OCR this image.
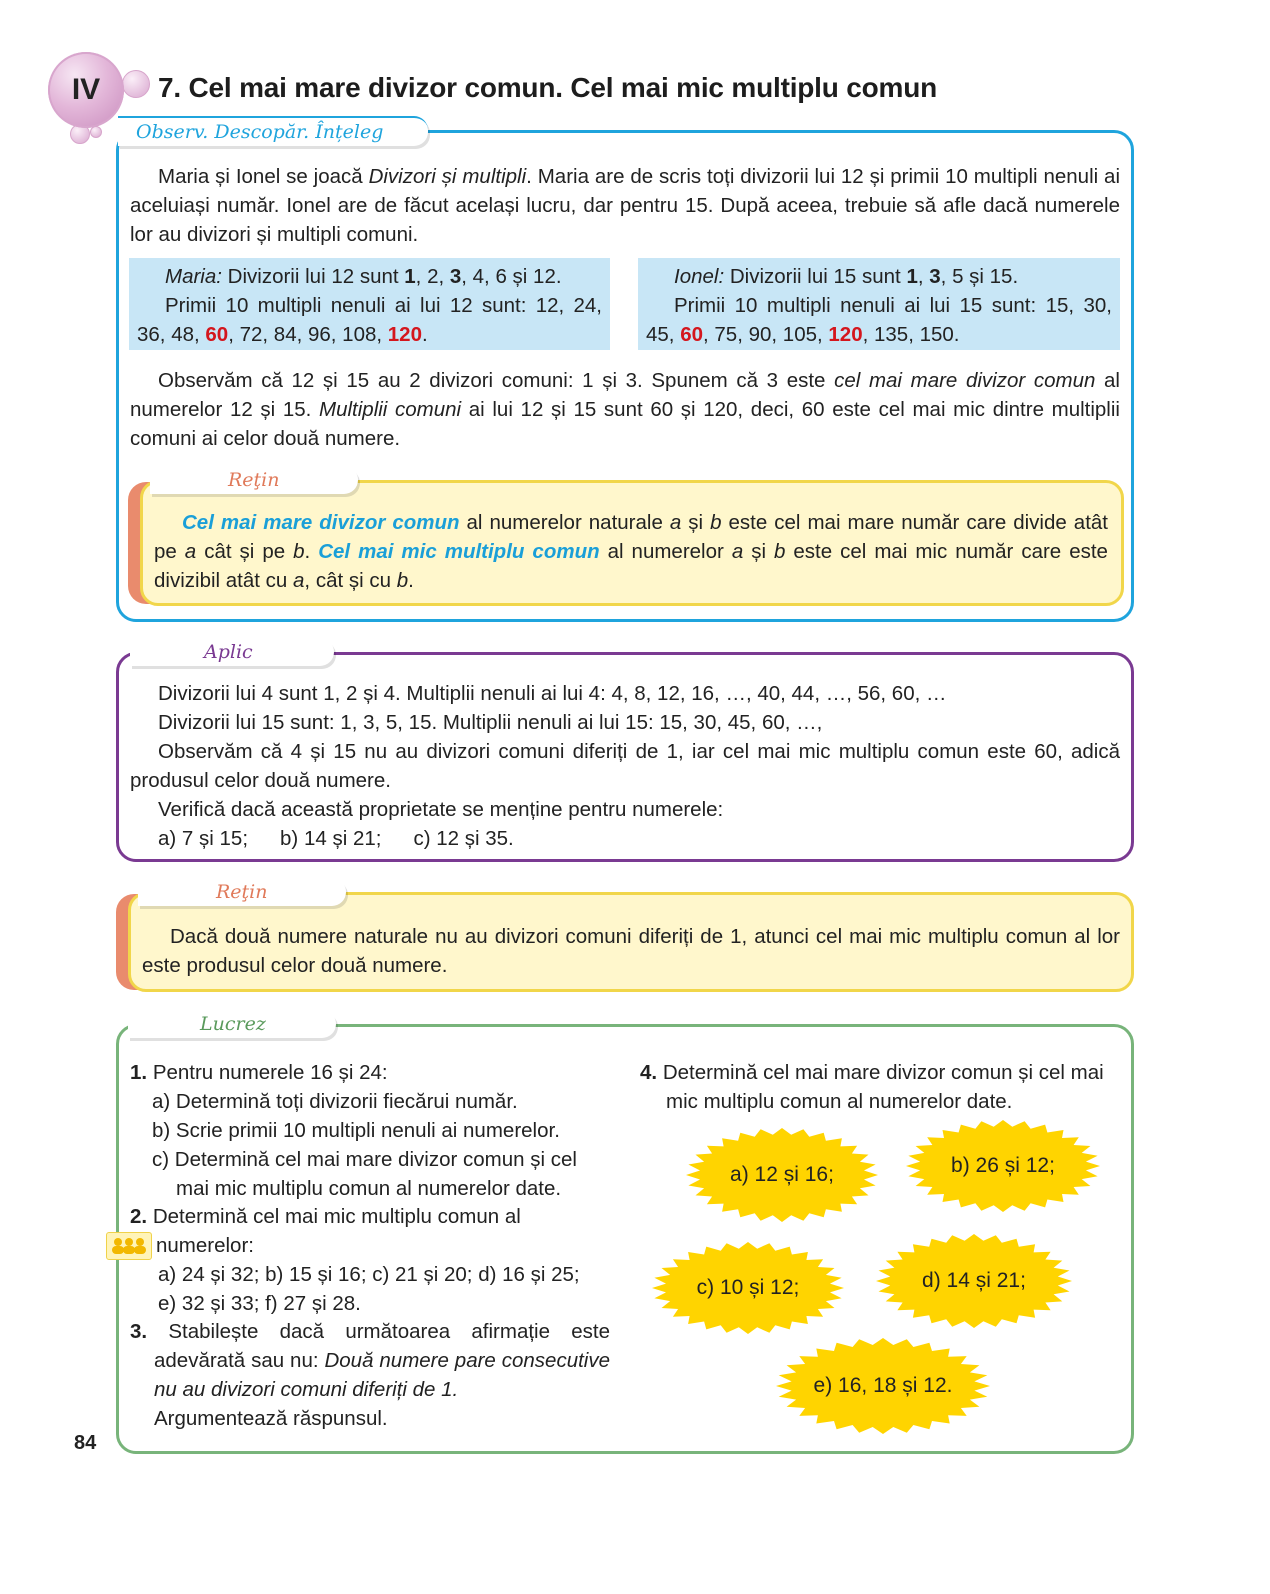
IV 7. Cel mai mare divizor comun. Cel mai mic multiplu comun
Observ. Descopăr. Înțeleg

Maria și Ionel se joacă Divizori și multipli. Maria are de scris toți divizorii lui 12 și primii 10 multipli nenuli ai aceluiași număr. Ionel are de făcut același lucru, dar pentru 15. După aceea, trebuie să afle dacă numerele lor au divizori și multipli comuni.

Maria: Divizorii lui 12 sunt 1, 2, 3, 4, 6 și 12.

Primii 10 multipli nenuli ai lui 12 sunt: 12, 24, 36, 48, 60, 72, 84, 96, 108, 120.

Ionel: Divizorii lui 15 sunt 1, 3, 5 și 15.

Primii 10 multipli nenuli ai lui 15 sunt: 15, 30, 45, 60, 75, 90, 105, 120, 135, 150.

Observăm că 12 și 15 au 2 divizori comuni: 1 și 3. Spunem că 3 este cel mai mare divizor comun al numerelor 12 și 15. Multiplii comuni ai lui 12 și 15 sunt 60 și 120, deci, 60 este cel mai mic dintre multiplii comuni ai celor două numere.

Reţin

Cel mai mare divizor comun al numerelor naturale a și b este cel mai mare număr care divide atât pe a cât și pe b. Cel mai mic multiplu comun al numerelor a și b este cel mai mic număr care este divizibil atât cu a, cât și cu b.

Aplic

Divizorii lui 4 sunt 1, 2 și 4. Multiplii nenuli ai lui 4: 4, 8, 12, 16, …, 40, 44, …, 56, 60, …

Divizorii lui 15 sunt: 1, 3, 5, 15. Multiplii nenuli ai lui 15: 15, 30, 45, 60, …,

Observăm că 4 și 15 nu au divizori comuni diferiți de 1, iar cel mai mic multiplu comun este 60, adică produsul celor două numere.

Verifică dacă această proprietate se menține pentru numerele:

a) 7 și 15; b) 14 și 21; c) 12 și 35.

Reţin

Dacă două numere naturale nu au divizori comuni diferiți de 1, atunci cel mai mic multiplu comun al lor este produsul celor două numere.

Lucrez
1. Pentru numerele 16 și 24:
a) Determină toți divizorii fiecărui număr.
b) Scrie primii 10 multipli nenuli ai numerelor.
c) Determină cel mai mare divizor comun și cel mai mic multiplu comun al numerelor date.
2. Determină cel mai mic multiplu comun al numerelor:
a) 24 și 32; b) 15 și 16; c) 21 și 20; d) 16 și 25;
e) 32 și 33; f) 27 și 28.
3. Stabilește dacă următoarea afirmație este adevărată sau nu: Două numere pare consecutive nu au divizori comuni diferiți de 1.
Argumentează răspunsul.
4. Determină cel mai mare divizor comun și cel mai mic multiplu comun al numerelor date.
a) 12 și 16;	b) 26 și 12;
c) 10 și 12;	d) 14 și 21;
e) 16, 18 și 12.
84
